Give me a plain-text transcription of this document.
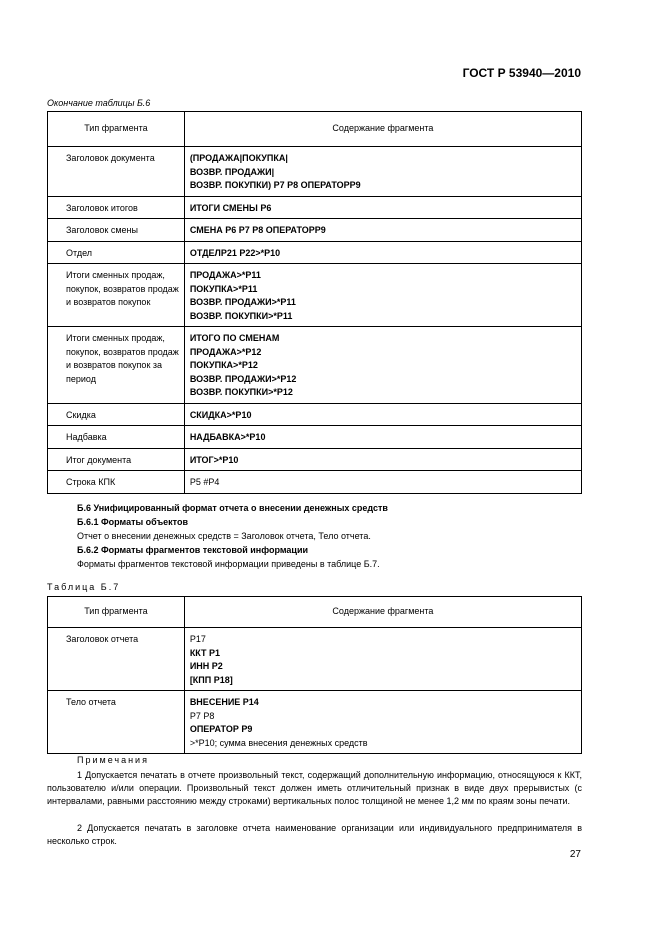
ГОСТ Р 53940—2010
Окончание таблицы Б.6
Тип фрагмента	Содержание фрагмента
Заголовок документа	(ПРОДАЖА|ПОКУПКА|
ВОЗВР. ПРОДАЖИ|
ВОЗВР. ПОКУПКИ) P7 P8 ОПЕРАТОРP9

Заголовок итогов	ИТОГИ СМЕНЫ P6

Заголовок смены	СМЕНА P6 P7 P8 ОПЕРАТОРP9

Отдел	ОТДЕЛP21 P22>*P10

Итоги сменных продаж, покупок, возвратов продаж и возвратов покупок	ПРОДАЖА>*P11
ПОКУПКА>*P11
ВОЗВР. ПРОДАЖИ>*P11
ВОЗВР. ПОКУПКИ>*P11

Итоги сменных продаж, покупок, возвратов продаж и возвратов покупок за период	ИТОГО ПО СМЕНАМ
ПРОДАЖА>*P12
ПОКУПКА>*P12
ВОЗВР. ПРОДАЖИ>*P12
ВОЗВР. ПОКУПКИ>*P12

Скидка	СКИДКА>*P10

Надбавка	НАДБАВКА>*P10

Итог документа	ИТОГ>*P10

Строка КПК	P5 #P4
Б.6 Унифицированный формат отчета о внесении денежных средств
Б.6.1 Форматы объектов
Отчет о внесении денежных средств = Заголовок отчета, Тело отчета.
Б.6.2 Форматы фрагментов текстовой информации
Форматы фрагментов текстовой информации приведены в таблице Б.7.
Таблица Б.7
Тип фрагмента	Содержание фрагмента
Заголовок отчета	P17
ККТ P1
ИНН P2
[КПП P18]

Тело отчета	ВНЕСЕНИЕ P14
P7 P8
ОПЕРАТОР P9
>*P10; сумма внесения денежных средств
Примечания
1 Допускается печатать в отчете произвольный текст, содержащий дополнительную информацию, относящуюся к ККТ, пользователю и/или операции. Произвольный текст должен иметь отличительный признак в виде двух прерывистых (с интервалами, равными расстоянию между строками) вертикальных полос толщиной не менее 1,2 мм по краям зоны печати.
2 Допускается печатать в заголовке отчета наименование организации или индивидуального предпринимателя в несколько строк.
27
